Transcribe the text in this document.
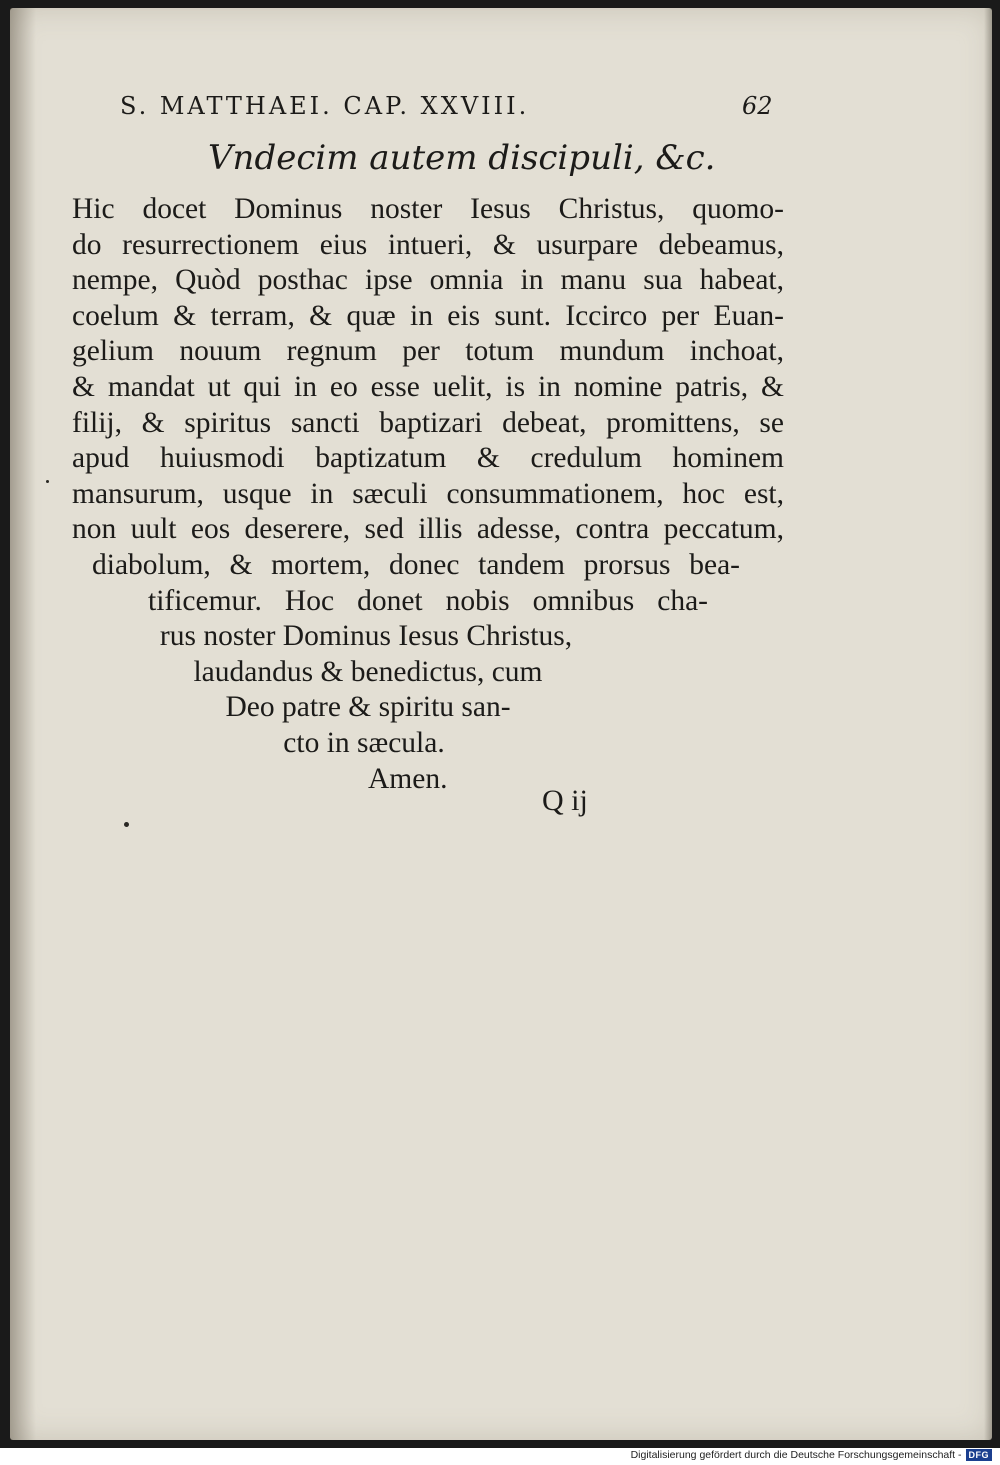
S. MATTHAEI. CAP. XXVIII.	62
Vndecim autem discipuli, &c.
Hic docet Dominus noster Iesus Christus, quomo-
do resurrectionem eius intueri, & usurpare debeamus,
nempe, Quòd posthac ipse omnia in manu sua habeat,
coelum & terram, & quæ in eis sunt. Iccirco per Euan-
gelium nouum regnum per totum mundum inchoat,
& mandat ut qui in eo esse uelit, is in nomine patris, &
filij, & spiritus sancti baptizari debeat, promittens, se
apud huiusmodi baptizatum & credulum hominem
mansurum, usque in sæculi consummationem, hoc est,
non uult eos deserere, sed illis adesse, contra peccatum,
diabolum, & mortem, donec tandem prorsus bea-
tificemur. Hoc donet nobis omnibus cha-
rus noster Dominus Iesus Christus,
laudandus & benedictus, cum
Deo patre & spiritu san-
cto in sæcula.
Amen.
Q ij
Digitalisierung gefördert durch die Deutsche Forschungsgemeinschaft - DFG
